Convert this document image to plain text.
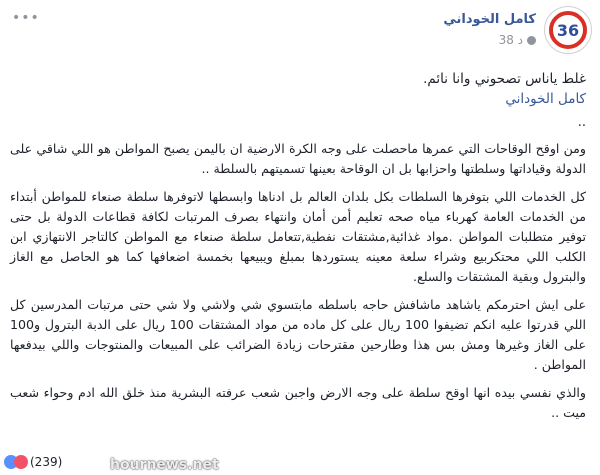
•••
36
كامل الخوداني
38 د
غلط ياناس تصحوني وانا نائم.
كامل الخوداني
..
ومن اوقح الوقاحات التي عمرها ماحصلت على وجه الكرة الارضية ان باليمن يصبح المواطن هو اللي شاقي على الدولة وقياداتها وسلطتها واحزابها بل ان الوقاحة بعينها تسميتهم بالسلطة ..
كل الخدمات اللي بتوفرها السلطات بكل بلدان العالم بل ادناها وابسطها لاتوفرها سلطة صنعاء للمواطن أبتداء من الخدمات العامة كهرباء مياه صحه تعليم أمن أمان وانتهاء بصرف المرتبات لكافة قطاعات الدولة بل حتى توفير متطلبات المواطن .مواد غذائية,مشتقات نفطية,تتعامل سلطة صنعاء مع المواطن كالتاجر الانتهازي ابن الكلب اللي محتكربيع وشراء سلعة معينه يستوردها بمبلغ ويبيعها بخمسة اضعافها كما هو الحاصل مع الغاز والبترول وبقية المشتقات والسلع.
على ايش احترمكم ياشاهد ماشافش حاجه باسلطه مابتسوي شي ولاشي ولا شي حتى مرتبات المدرسين كل اللي قدرتوا عليه انكم تضيفوا 100 ريال على كل ماده من مواد المشتقات 100 ريال على الدبة البترول و100 على الغاز وغيرها ومش بس هذا وطارحين مقترحات زيادة الضرائب على المبيعات والمنتوجات واللي بيدفعها المواطن .
والذي نفسي بيده انها اوقح سلطة على وجه الارض واجبن شعب عرفته البشرية منذ خلق الله ادم وحواء شعب ميت ..
(239)	hournews.net
